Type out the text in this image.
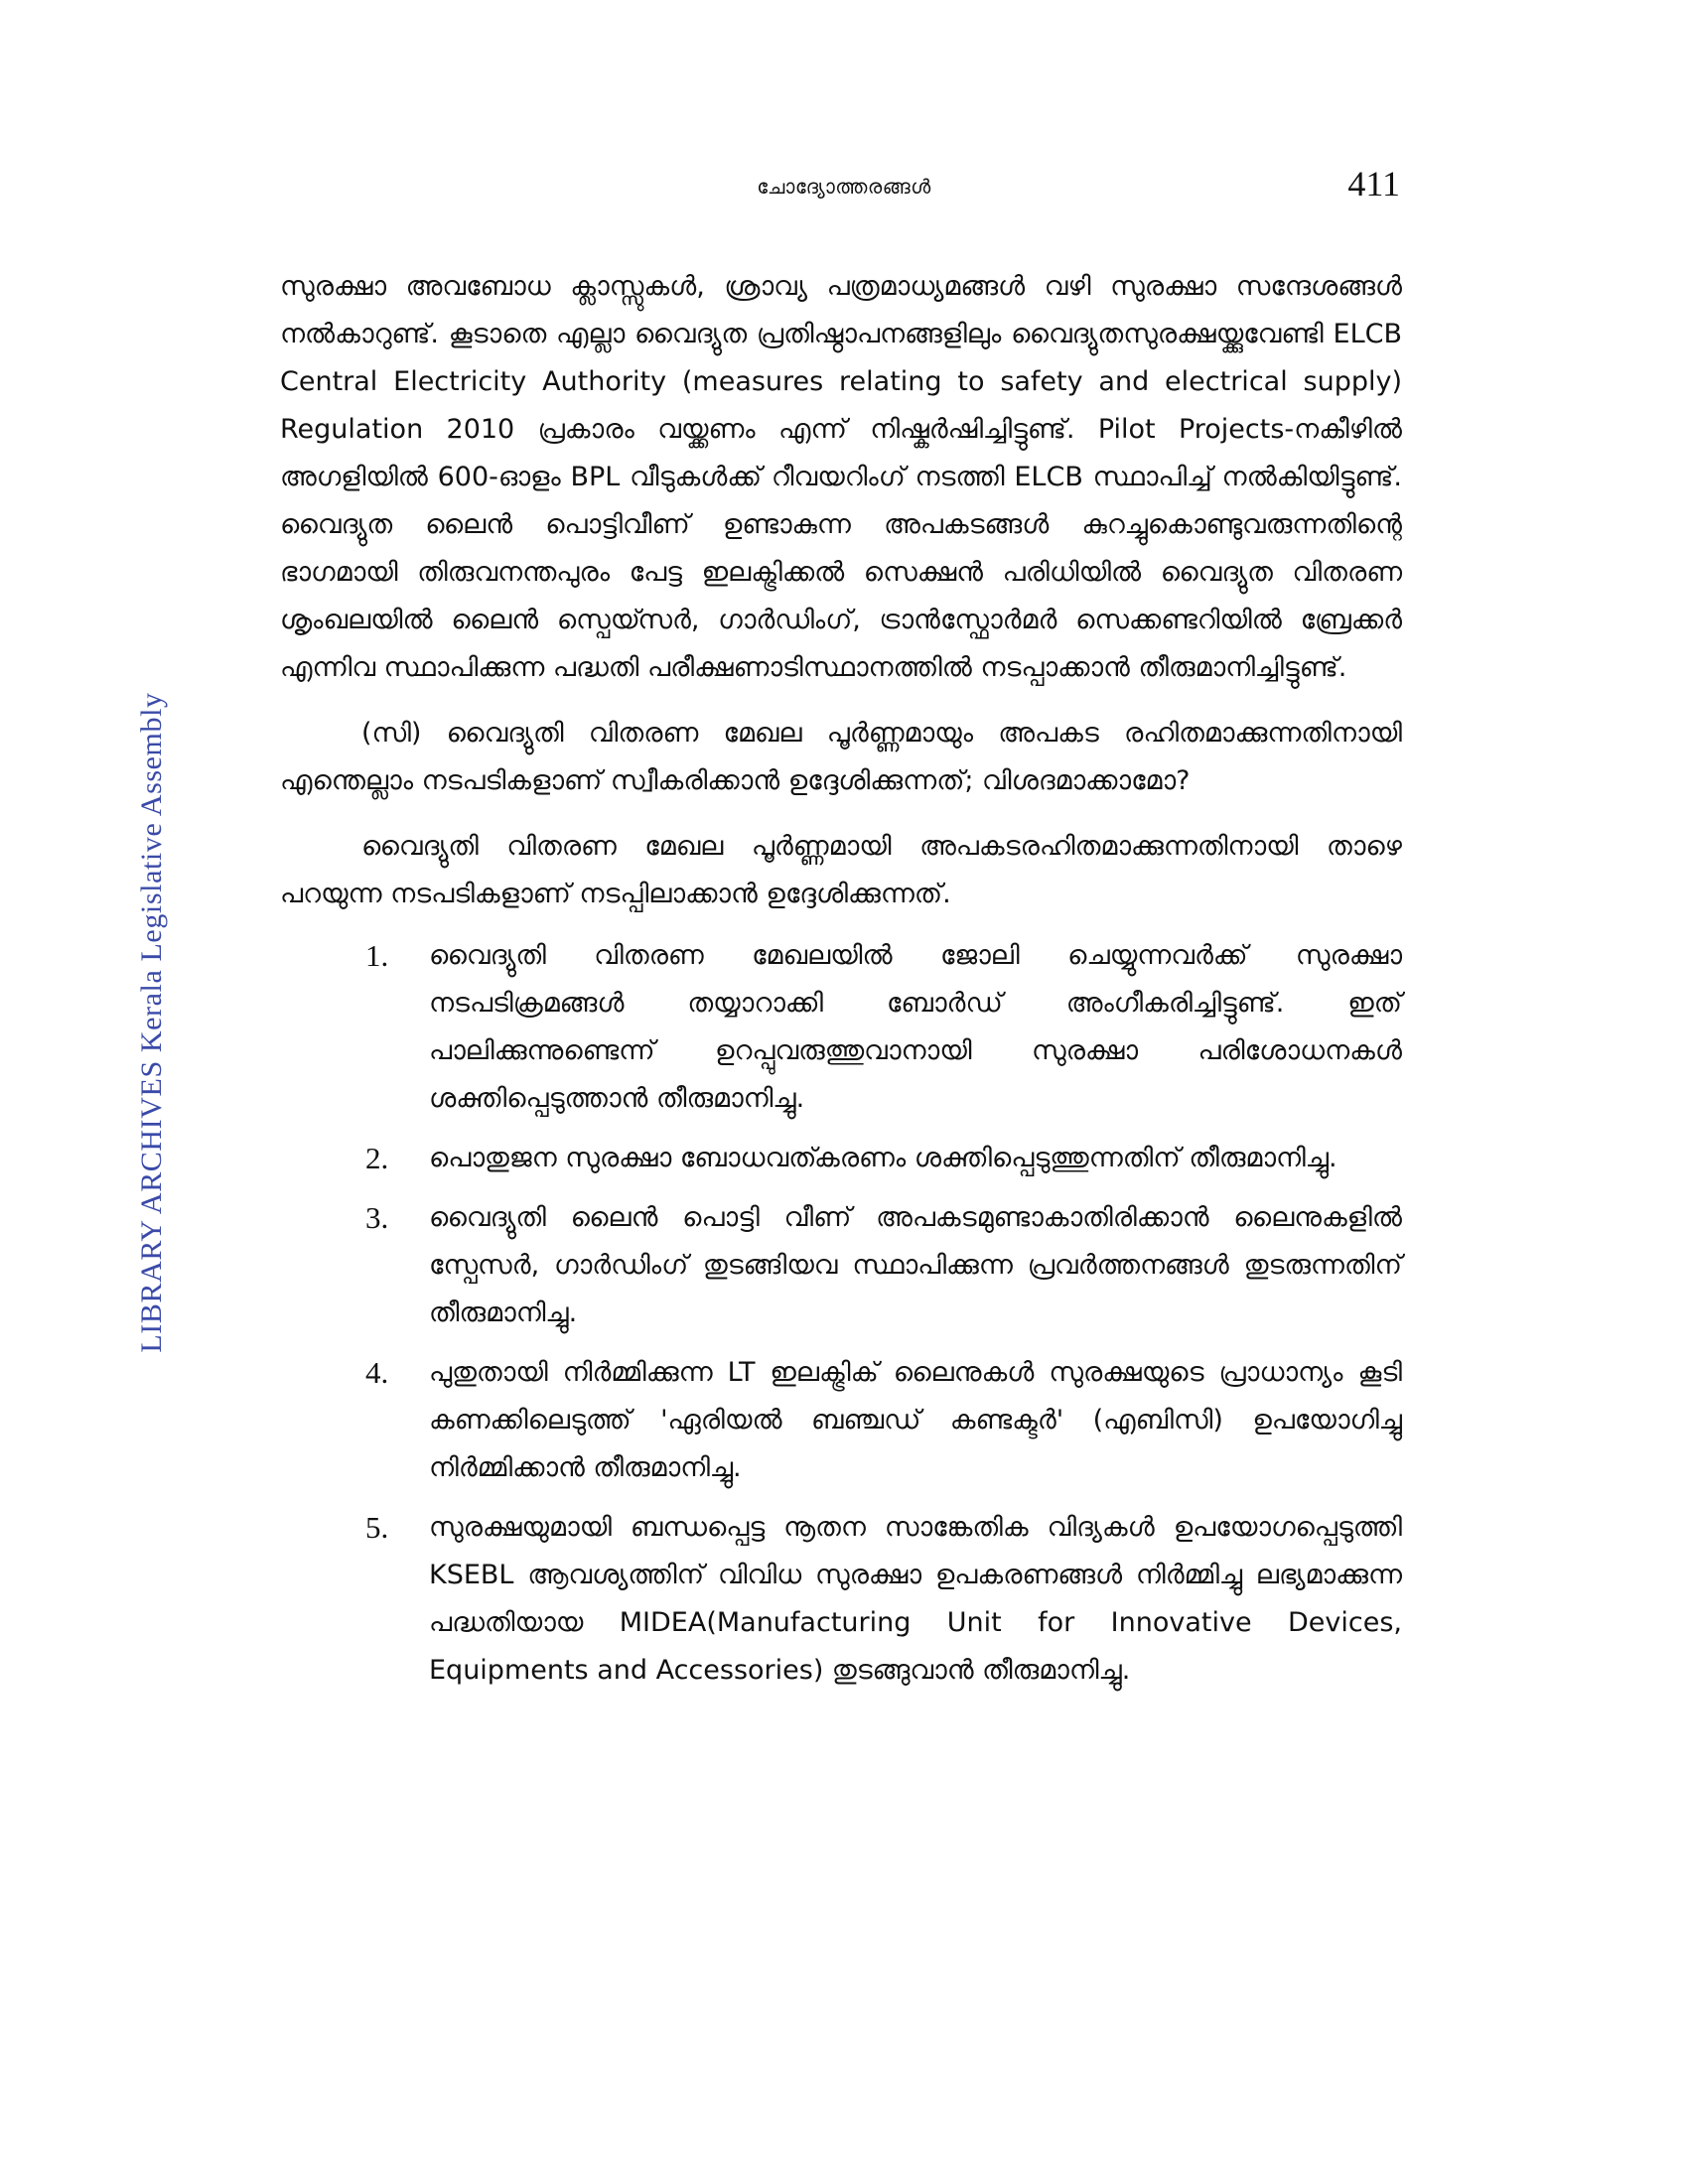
ചോദ്യോത്തരങ്ങൾ	411
LIBRARY ARCHIVES Kerala Legislative Assembly

സുരക്ഷാ അവബോധ ക്ലാസ്സുകൾ, ശ്രാവ്യ പത്രമാധ്യമങ്ങൾ വഴി സുരക്ഷാ സന്ദേശങ്ങൾ നൽകാറുണ്ട്. കൂടാതെ എല്ലാ വൈദ്യുത പ്രതിഷ്ഠാപനങ്ങളിലും വൈദ്യുതസുരക്ഷയ്ക്കുവേണ്ടി ELCB Central Electricity Authority (measures relating to safety and electrical supply) Regulation 2010 പ്രകാരം വയ്ക്കണം എന്ന് നിഷ്കർഷിച്ചിട്ടുണ്ട്. Pilot Projects-നകീഴിൽ അഗളിയിൽ 600-ഓളം BPL വീടുകൾക്ക് റീവയറിംഗ് നടത്തി ELCB സ്ഥാപിച്ച് നൽകിയിട്ടുണ്ട്. വൈദ്യുത ലൈൻ പൊട്ടിവീണ് ഉണ്ടാകുന്ന അപകടങ്ങൾ കുറച്ചുകൊണ്ടുവരുന്നതിന്റെ ഭാഗമായി തിരുവനന്തപുരം പേട്ട ഇലക്ട്രിക്കൽ സെക്ഷൻ പരിധിയിൽ വൈദ്യുത വിതരണ ശൃംഖലയിൽ ലൈൻ സ്പെയ്സർ, ഗാർഡിംഗ്, ട്രാൻസ്ഫോർമർ സെക്കണ്ടറിയിൽ ബ്രേക്കർ എന്നിവ സ്ഥാപിക്കുന്ന പദ്ധതി പരീക്ഷണാടിസ്ഥാനത്തിൽ നടപ്പാക്കാൻ തീരുമാനിച്ചിട്ടുണ്ട്.

(സി) വൈദ്യുതി വിതരണ മേഖല പൂർണ്ണമായും അപകട രഹിതമാക്കുന്നതിനായി എന്തെല്ലാം നടപടികളാണ് സ്വീകരിക്കാൻ ഉദ്ദേശിക്കുന്നത്; വിശദമാക്കാമോ?

വൈദ്യുതി വിതരണ മേഖല പൂർണ്ണമായി അപകടരഹിതമാക്കുന്നതിനായി താഴെ പറയുന്ന നടപടികളാണ് നടപ്പിലാക്കാൻ ഉദ്ദേശിക്കുന്നത്.

1. വൈദ്യുതി വിതരണ മേഖലയിൽ ജോലി ചെയ്യുന്നവർക്ക് സുരക്ഷാ നടപടിക്രമങ്ങൾ തയ്യാറാക്കി ബോർഡ് അംഗീകരിച്ചിട്ടുണ്ട്. ഇത് പാലിക്കുന്നുണ്ടെന്ന് ഉറപ്പുവരുത്തുവാനായി സുരക്ഷാ പരിശോധനകൾ ശക്തിപ്പെടുത്താൻ തീരുമാനിച്ചു.
2. പൊതുജന സുരക്ഷാ ബോധവത്കരണം ശക്തിപ്പെടുത്തുന്നതിന് തീരുമാനിച്ചു.
3. വൈദ്യുതി ലൈൻ പൊട്ടി വീണ് അപകടമുണ്ടാകാതിരിക്കാൻ ലൈനുകളിൽ സ്പേസർ, ഗാർഡിംഗ് തുടങ്ങിയവ സ്ഥാപിക്കുന്ന പ്രവർത്തനങ്ങൾ തുടരുന്നതിന് തീരുമാനിച്ചു.
4. പുതുതായി നിർമ്മിക്കുന്ന LT ഇലക്ട്രിക് ലൈനുകൾ സുരക്ഷയുടെ പ്രാധാന്യം കൂടി കണക്കിലെടുത്ത് 'ഏരിയൽ ബഞ്ചഡ് കണ്ടക്ടർ' (എബിസി) ഉപയോഗിച്ചു നിർമ്മിക്കാൻ തീരുമാനിച്ചു.
5. സുരക്ഷയുമായി ബന്ധപ്പെട്ട നൂതന സാങ്കേതിക വിദ്യകൾ ഉപയോഗപ്പെടുത്തി KSEBL ആവശ്യത്തിന് വിവിധ സുരക്ഷാ ഉപകരണങ്ങൾ നിർമ്മിച്ചു ലഭ്യമാക്കുന്ന പദ്ധതിയായ MIDEA(Manufacturing Unit for Innovative Devices, Equipments and Accessories) തുടങ്ങുവാൻ തീരുമാനിച്ചു.
